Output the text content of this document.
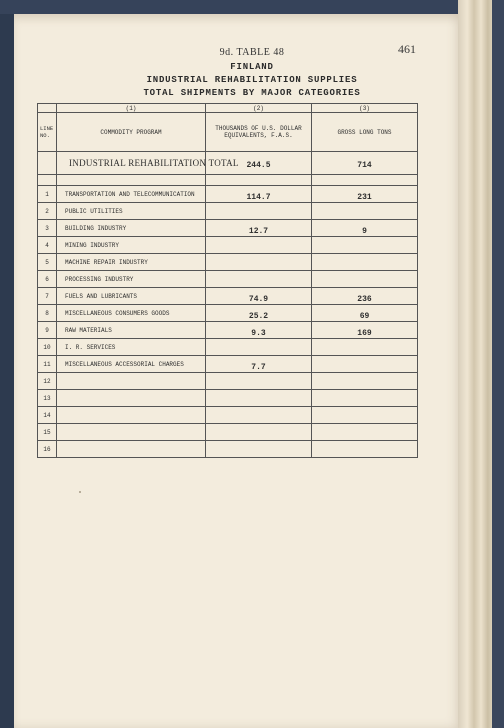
461
9d. TABLE 48
FINLAND
INDUSTRIAL REHABILITATION SUPPLIES
TOTAL SHIPMENTS BY MAJOR CATEGORIES
	(1)	(2)	(3)
LINE NO.	COMMODITY PROGRAM	THOUSANDS OF U.S. DOLLAR EQUIVALENTS, F.A.S.	GROSS LONG TONS
	INDUSTRIAL REHABILITATION TOTAL	244.5	714

1	TRANSPORTATION AND TELECOMMUNICATION	114.7	231
2	PUBLIC UTILITIES		
3	BUILDING INDUSTRY	12.7	9
4	MINING INDUSTRY		
5	MACHINE REPAIR INDUSTRY		
6	PROCESSING INDUSTRY		
7	FUELS AND LUBRICANTS	74.9	236
8	MISCELLANEOUS CONSUMERS GOODS	25.2	69
9	RAW MATERIALS	9.3	169
10	I. R. SERVICES		
11	MISCELLANEOUS ACCESSORIAL CHARGES	7.7	
12			
13			
14			
15			
16			
